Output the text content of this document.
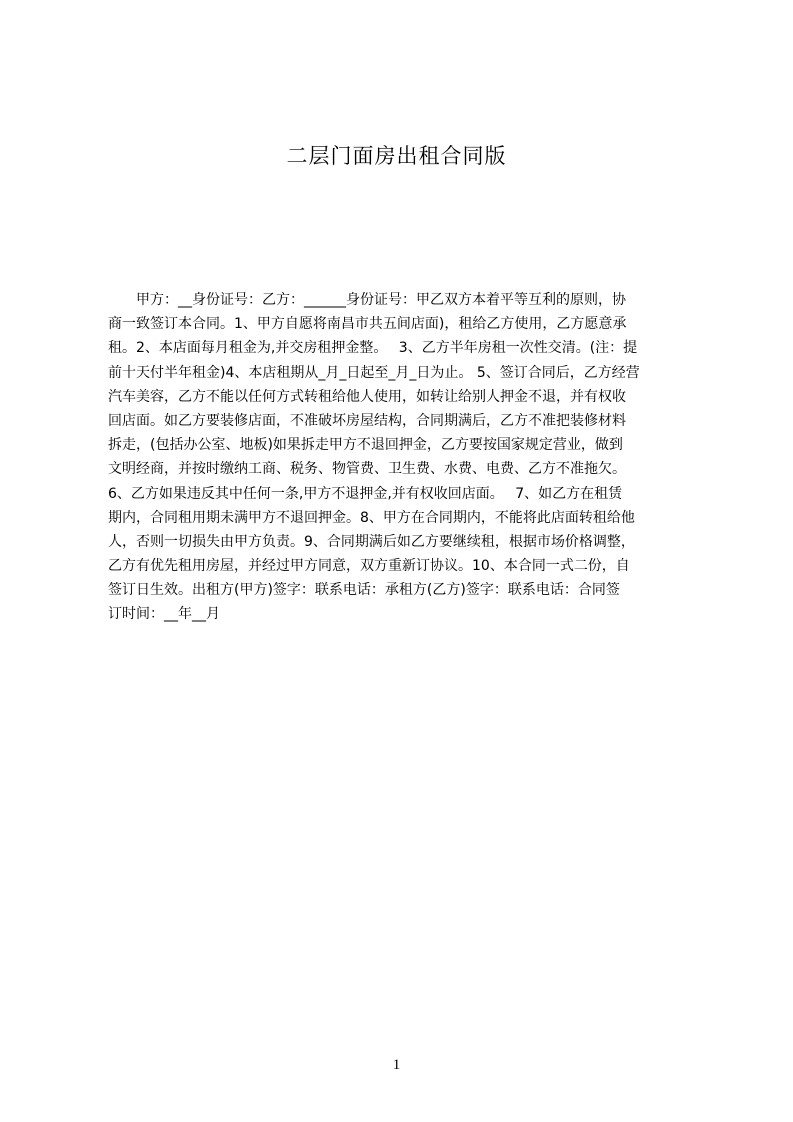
二层门面房出租合同版
　　甲方：__身份证号：乙方：______身份证号：甲乙双方本着平等互利的原则，协
商一致签订本合同。1、甲方自愿将南昌市共五间店面)，租给乙方使用，乙方愿意承
租。2、本店面每月租金为,并交房租押金整。　 3、乙方半年房租一次性交清。(注：提
前十天付半年租金)4、本店租期从_月_日起至_月_日为止。 5、签订合同后，乙方经营
汽车美容，乙方不能以任何方式转租给他人使用，如转让给别人押金不退，并有权收
回店面。如乙方要装修店面，不准破坏房屋结构，合同期满后，乙方不准把装修材料
拆走，(包括办公室、地板)如果拆走甲方不退回押金，乙方要按国家规定营业，做到
文明经商，并按时缴纳工商、税务、物管费、卫生费、水费、电费、乙方不准拖欠。
6、乙方如果违反其中任何一条,甲方不退押金,并有权收回店面。　 7、如乙方在租赁
期内，合同租用期未满甲方不退回押金。8、甲方在合同期内，不能将此店面转租给他
人，否则一切损失由甲方负责。9、合同期满后如乙方要继续租，根据市场价格调整，
乙方有优先租用房屋，并经过甲方同意，双方重新订协议。10、本合同一式二份，自
签订日生效。出租方(甲方)签字：联系电话：承租方(乙方)签字：联系电话：合同签
订时间：__年__月
1
